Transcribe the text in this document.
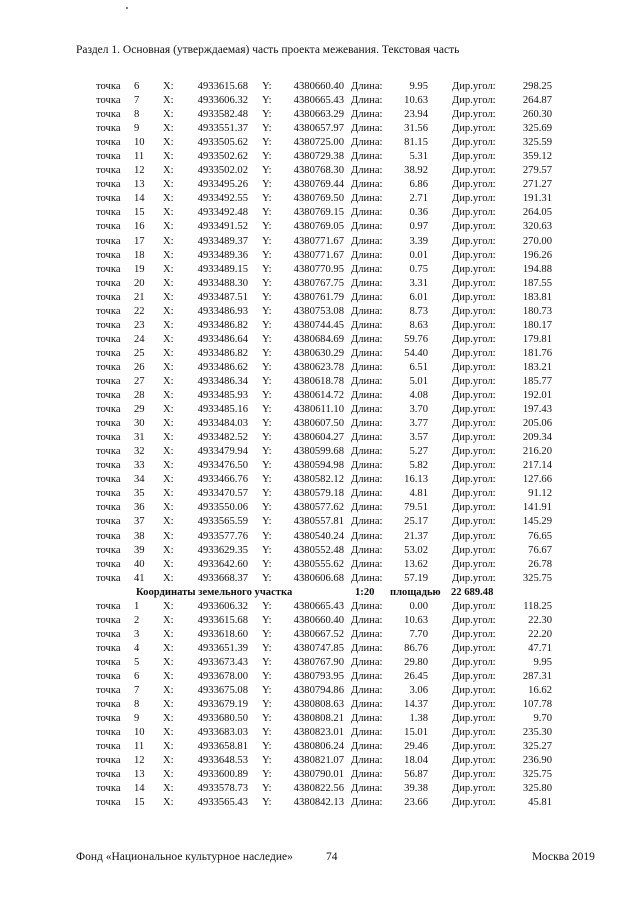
Раздел 1. Основная (утверждаемая) часть проекта межевания. Текстовая часть
точка 6 X: 4933615.68 Y: 4380660.40 Длина:	9.95 Дир.угол:	298.25
точка 7 X: 4933606.32 Y: 4380665.43 Длина: 10.63 Дир.угол:	264.87
точка 8 X: 4933582.48 Y: 4380663.29 Длина: 23.94 Дир.угол:	260.30
точка 9 X: 4933551.37 Y: 4380657.97 Длина: 31.56 Дир.угол:	325.69
точка 10 X: 4933505.62 Y: 4380725.00 Длина: 81.15 Дир.угол:	325.59
точка 11 X: 4933502.62 Y: 4380729.38 Длина:	5.31 Дир.угол:	359.12
точка 12 X: 4933502.02 Y: 4380768.30 Длина: 38.92 Дир.угол:	279.57
точка 13 X: 4933495.26 Y: 4380769.44 Длина:	6.86 Дир.угол:	271.27
точка 14 X: 4933492.55 Y: 4380769.50 Длина:	2.71 Дир.угол:	191.31
точка 15 X: 4933492.48 Y: 4380769.15 Длина:	0.36 Дир.угол:	264.05
точка 16 X: 4933491.52 Y: 4380769.05 Длина:	0.97 Дир.угол:	320.63
точка 17 X: 4933489.37 Y: 4380771.67 Длина:	3.39 Дир.угол:	270.00
точка 18 X: 4933489.36 Y: 4380771.67 Длина:	0.01 Дир.угол:	196.26
точка 19 X: 4933489.15 Y: 4380770.95 Длина:	0.75 Дир.угол:	194.88
точка 20 X: 4933488.30 Y: 4380767.75 Длина:	3.31 Дир.угол:	187.55
точка 21 X: 4933487.51 Y: 4380761.79 Длина:	6.01 Дир.угол:	183.81
точка 22 X: 4933486.93 Y: 4380753.08 Длина:	8.73 Дир.угол:	180.73
точка 23 X: 4933486.82 Y: 4380744.45 Длина:	8.63 Дир.угол:	180.17
точка 24 X: 4933486.64 Y: 4380684.69 Длина: 59.76 Дир.угол:	179.81
точка 25 X: 4933486.82 Y: 4380630.29 Длина: 54.40 Дир.угол:	181.76
точка 26 X: 4933486.62 Y: 4380623.78 Длина:	6.51 Дир.угол:	183.21
точка 27 X: 4933486.34 Y: 4380618.78 Длина:	5.01 Дир.угол:	185.77
точка 28 X: 4933485.93 Y: 4380614.72 Длина:	4.08 Дир.угол:	192.01
точка 29 X: 4933485.16 Y: 4380611.10 Длина:	3.70 Дир.угол:	197.43
точка 30 X: 4933484.03 Y: 4380607.50 Длина:	3.77 Дир.угол:	205.06
точка 31 X: 4933482.52 Y: 4380604.27 Длина:	3.57 Дир.угол:	209.34
точка 32 X: 4933479.94 Y: 4380599.68 Длина:	5.27 Дир.угол:	216.20
точка 33 X: 4933476.50 Y: 4380594.98 Длина:	5.82 Дир.угол:	217.14
точка 34 X: 4933466.76 Y: 4380582.12 Длина: 16.13 Дир.угол:	127.66
точка 35 X: 4933470.57 Y: 4380579.18 Длина:	4.81 Дир.угол:	91.12
точка 36 X: 4933550.06 Y: 4380577.62 Длина: 79.51 Дир.угол:	141.91
точка 37 X: 4933565.59 Y: 4380557.81 Длина: 25.17 Дир.угол:	145.29
точка 38 X: 4933577.76 Y: 4380540.24 Длина: 21.37 Дир.угол:	76.65
точка 39 X: 4933629.35 Y: 4380552.48 Длина: 53.02 Дир.угол:	76.67
точка 40 X: 4933642.60 Y: 4380555.62 Длина: 13.62 Дир.угол:	26.78
точка 41 X: 4933668.37 Y: 4380606.68 Длина: 57.19 Дир.угол:	325.75
Координаты земельного участка	1:20 площадью 22 689.48
точка 1 X: 4933606.32 Y: 4380665.43 Длина:	0.00 Дир.угол:	118.25
точка 2 X: 4933615.68 Y: 4380660.40 Длина: 10.63 Дир.угол:	22.30
точка 3 X: 4933618.60 Y: 4380667.52 Длина:	7.70 Дир.угол:	22.20
точка 4 X: 4933651.39 Y: 4380747.85 Длина: 86.76 Дир.угол:	47.71
точка 5 X: 4933673.43 Y: 4380767.90 Длина: 29.80 Дир.угол:	9.95
точка 6 X: 4933678.00 Y: 4380793.95 Длина: 26.45 Дир.угол:	287.31
точка 7 X: 4933675.08 Y: 4380794.86 Длина:	3.06 Дир.угол:	16.62
точка 8 X: 4933679.19 Y: 4380808.63 Длина: 14.37 Дир.угол:	107.78
точка 9 X: 4933680.50 Y: 4380808.21 Длина:	1.38 Дир.угол:	9.70
точка 10 X: 4933683.03 Y: 4380823.01 Длина: 15.01 Дир.угол:	235.30
точка 11 X: 4933658.81 Y: 4380806.24 Длина: 29.46 Дир.угол:	325.27
точка 12 X: 4933648.53 Y: 4380821.07 Длина: 18.04 Дир.угол:	236.90
точка 13 X: 4933600.89 Y: 4380790.01 Длина: 56.87 Дир.угол:	325.75
точка 14 X: 4933578.73 Y: 4380822.56 Длина: 39.38 Дир.угол:	325.80
точка 15 X: 4933565.43 Y: 4380842.13 Длина: 23.66 Дир.угол:	45.81
Фонд «Национальное культурное наследие»	74	Москва 2019
